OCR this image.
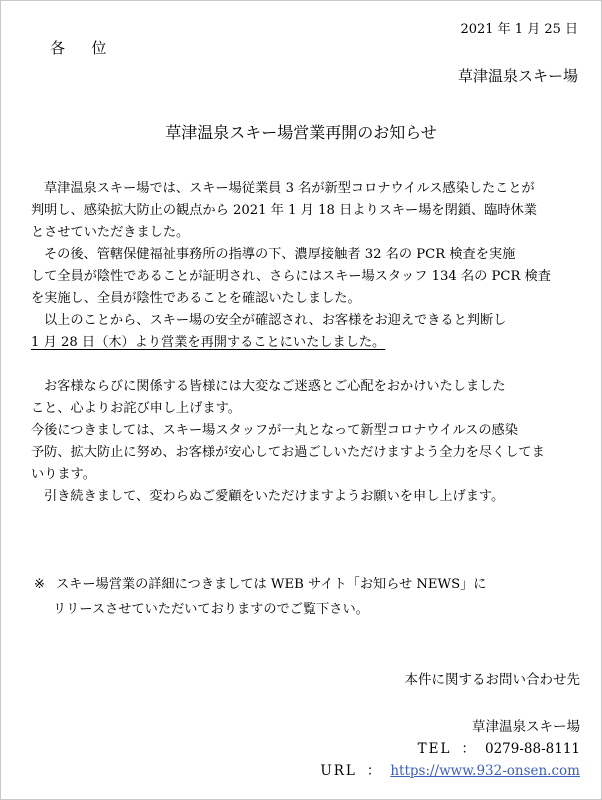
2021 年 1 月 25 日
各 位
草津温泉スキー場
草津温泉スキー場営業再開のお知らせ

草津温泉スキー場では、スキー場従業員 3 名が新型コロナウイルス感染したことが

判明し、感染拡大防止の観点から 2021 年 1 月 18 日よりスキー場を閉鎖、臨時休業

とさせていただきました。

その後、管轄保健福祉事務所の指導の下、濃厚接触者 32 名の PCR 検査を実施

して全員が陰性であることが証明され、さらにはスキー場スタッフ 134 名の PCR 検査

を実施し、全員が陰性であることを確認いたしました。

以上のことから、スキー場の安全が確認され、お客様をお迎えできると判断し

1 月 28 日（木）より営業を再開することにいたしました。

お客様ならびに関係する皆様には大変なご迷惑とご心配をおかけいたしました

こと、心よりお詫び申し上げます。

今後につきましては、スキー場スタッフが一丸となって新型コロナウイルスの感染

予防、拡大防止に努め、お客様が安心してお過ごしいただけますよう全力を尽くしてま

いります。

引き続きまして、変わらぬご愛顧をいただけますようお願いを申し上げます。

※ スキー場営業の詳細につきましては WEB サイト「お知らせ NEWS」に
リリースさせていただいておりますのでご覧下さい。
本件に関するお問い合わせ先
草津温泉スキー場
TEL ： 0279-88-8111
URL ： https://www.932-onsen.com
